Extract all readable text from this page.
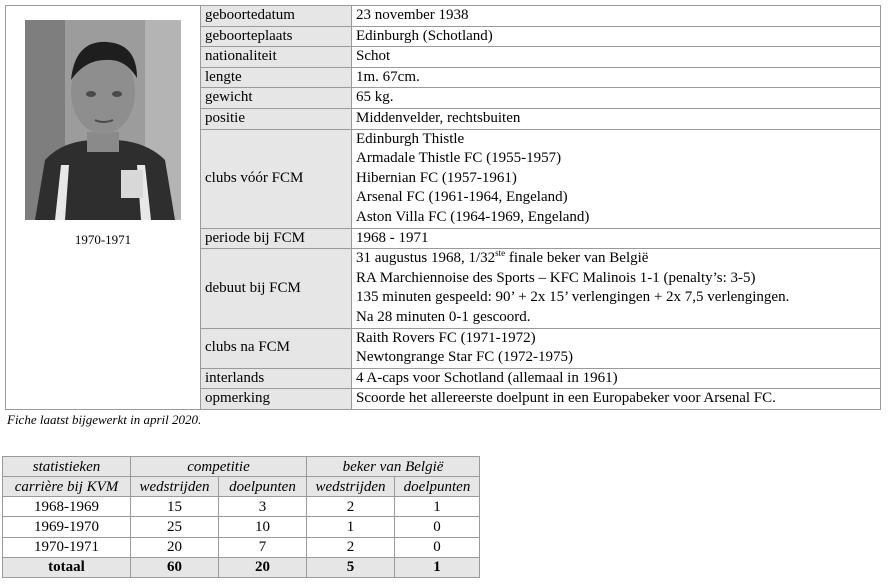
1970-1971	geboortedatum	23 november 1938

	geboorteplaats	Edinburgh (Schotland)

	nationaliteit	Schot

	lengte	1m. 67cm.

	gewicht	65 kg.

	positie	Middenvelder, rechtsbuiten

	clubs vóór FCM	Edinburgh Thistle
Armadale Thistle FC (1955-1957)
Hibernian FC (1957-1961)
Arsenal FC (1961-1964, Engeland)
Aston Villa FC (1964-1969, Engeland)

	periode bij FCM	1968 - 1971

	debuut bij FCM	31 augustus 1968, 1/32ste finale beker van België
RA Marchiennoise des Sports – KFC Malinois 1-1 (penalty’s: 3-5)
135 minuten gespeeld: 90’ + 2x 15’ verlengingen + 2x 7,5 verlengingen.
Na 28 minuten 0-1 gescoord.

	clubs na FCM	Raith Rovers FC (1971-1972)
Newtongrange Star FC (1972-1975)

	interlands	4 A-caps voor Schotland (allemaal in 1961)

	opmerking	Scoorde het allereerste doelpunt in een Europabeker voor Arsenal FC.
Fiche laatst bijgewerkt in april 2020.
statistieken	competitie		beker van België	
carrière bij KVM	wedstrijden	doelpunten	wedstrijden	doelpunten
1968-1969	15	3	2	1
1969-1970	25	10	1	0
1970-1971	20	7	2	0
totaal	60	20	5	1
